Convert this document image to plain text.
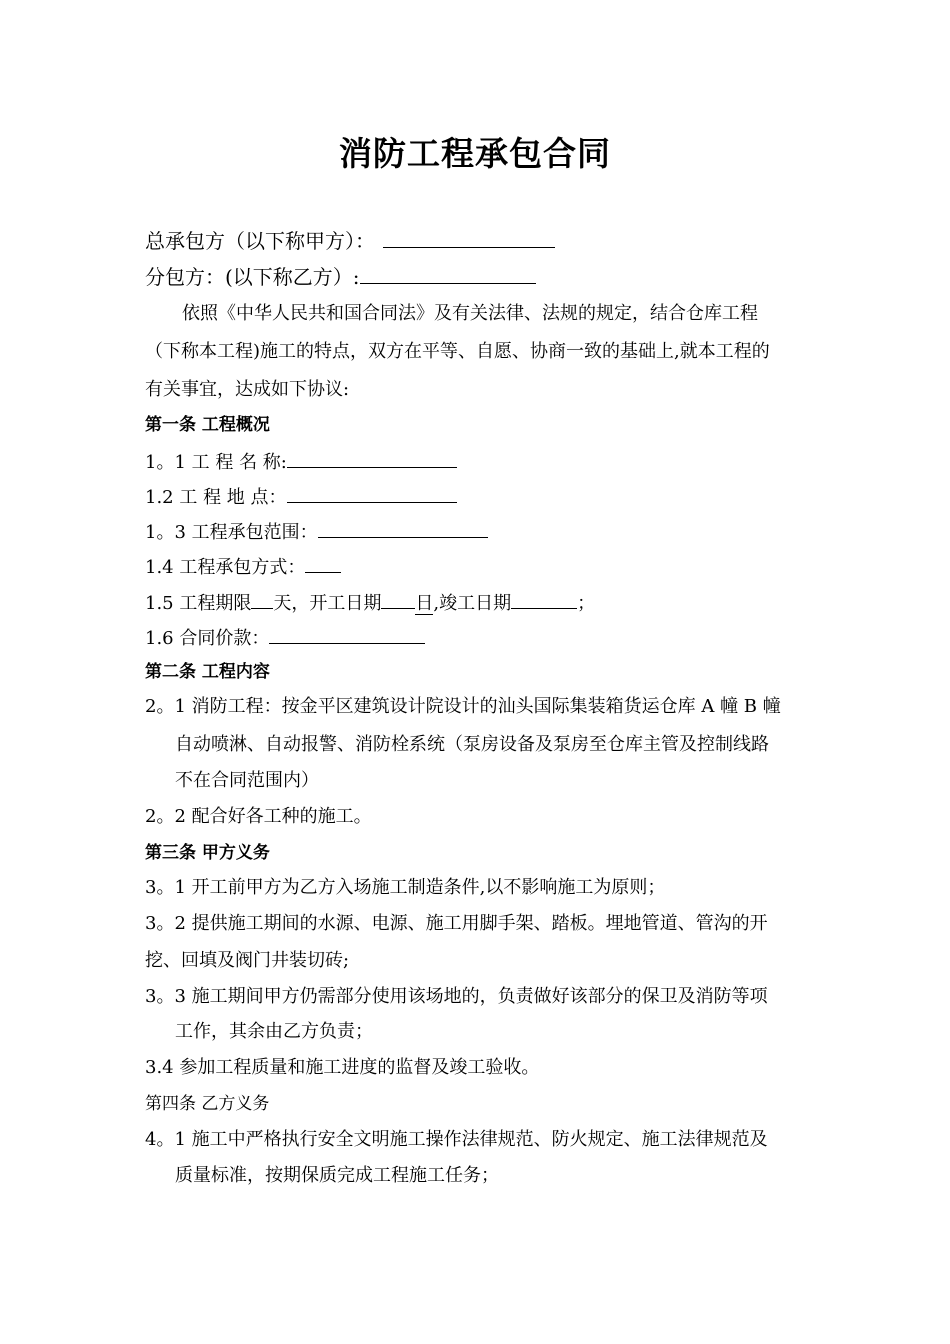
消防工程承包合同
总承包方（以下称甲方）：
分包方：(以下称乙方）:
依照《中华人民共和国合同法》及有关法律、法规的规定，结合仓库工程
（下称本工程)施工的特点，双方在平等、自愿、协商一致的基础上,就本工程的
有关事宜，达成如下协议:
第一条 工程概况
1。1 工 程 名 称:
1.2 工 程 地 点：
1。3 工程承包范围：
1.4 工程承包方式：
1.5 工程期限 天，开工日期 日,竣工日期	；
1.6 合同价款：
第二条 工程内容
2。1 消防工程：按金平区建筑设计院设计的汕头国际集装箱货运仓库 A 幢 B 幢
自动喷淋、自动报警、消防栓系统（泵房设备及泵房至仓库主管及控制线路
不在合同范围内）
2。2 配合好各工种的施工。
第三条 甲方义务
3。1 开工前甲方为乙方入场施工制造条件,以不影响施工为原则；
3。2 提供施工期间的水源、电源、施工用脚手架、踏板。埋地管道、管沟的开
挖、回填及阀门井装切砖;
3。3 施工期间甲方仍需部分使用该场地的，负责做好该部分的保卫及消防等项
工作，其余由乙方负责；
3.4 参加工程质量和施工进度的监督及竣工验收。
第四条 乙方义务
4。1 施工中严格执行安全文明施工操作法律规范、防火规定、施工法律规范及
质量标准，按期保质完成工程施工任务；
